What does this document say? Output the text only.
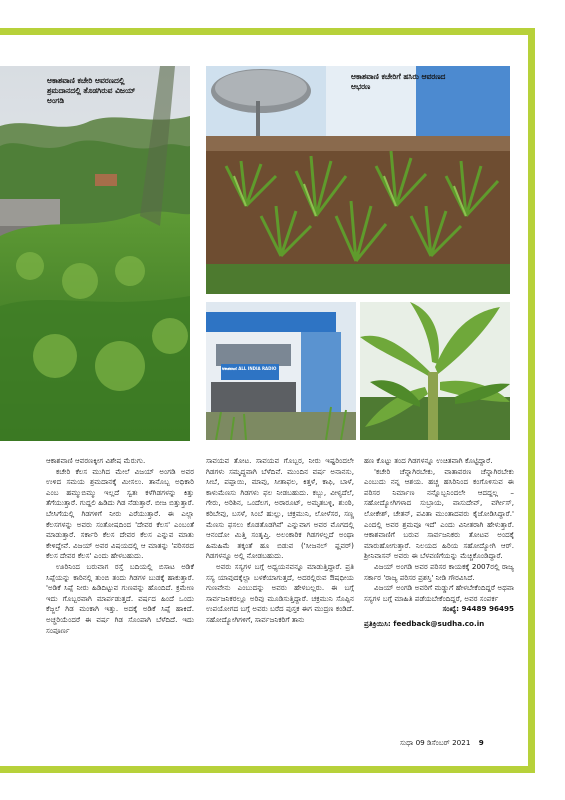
ಆಕಾಶವಾಣಿ ಕಚೇರಿ ಆವರಣದಲ್ಲಿ ಶ್ರಮದಾನದಲ್ಲಿ ತೊಡಗಿರುವ ವಿಜಯ್ ಅಂಗಡಿ
ಆಕಾಶವಾಣಿ ಕಚೇರಿಗೆ ಹಸಿರು ಆವರಣದ ಆಭರಣ
ಆಕಾಶವಾಣಿ ALL INDIA RADIO

ಆಕಾಶವಾಣಿ ಆವರಣಕ್ಕೀಗ ವಿಶೇಷ ಮೆರುಗು.

ಕಚೇರಿ ಕೆಲಸ ಮುಗಿದ ಮೇಲೆ ವಿಜಯ್ ಅಂಗಡಿ ಅವರ ಉಳಿದ ಸಮಯ ಶ್ರಮದಾನಕ್ಕೆ ಮೀಸಲು. ತಾನೊಬ್ಬ ಅಧಿಕಾರಿ ಎಂಬ ಹಮ್ಮುಬಿಮ್ಮು ಇಲ್ಲದೆ ಸ್ವತಃ ಕಳೆಗಿಡಗಳನ್ನು ಕಿತ್ತು ತೆಗೆಯುತ್ತಾರೆ. ಗುದ್ದಲಿ ಹಿಡಿದು ಗಿಡ ನೆಡುತ್ತಾರೆ. ಬೀಜ ಬಿತ್ತುತ್ತಾರೆ. ಬೇಸಿಗೆಯಲ್ಲಿ ಗಿಡಗಳಿಗೆ ನೀರು ಎರೆಯುತ್ತಾರೆ. ಈ ಎಲ್ಲಾ ಕೆಲಸಗಳನ್ನು ಅವರು ಸಂತೋಷದಿಂದ 'ದೇವರ ಕೆಲಸ' ಎಂಬಂತೆ ಮಾಡುತ್ತಾರೆ. ಸರ್ಕಾರಿ ಕೆಲಸ ದೇವರ ಕೆಲಸ ಎನ್ನುವ ಮಾತು ಕೇಳಿದ್ದೇವೆ. ವಿಜಯ್ ಅವರ ವಿಷಯದಲ್ಲಿ ಆ ಮಾತನ್ನು 'ಪರಿಸರದ ಕೆಲಸ ದೇವರ ಕೆಲಸ' ಎಂದು ಹೇಳಬಹುದು.

ಊರಿನಿಂದ ಬರುವಾಗ ರಸ್ತೆ ಬದಿಯಲ್ಲಿ ಬಿಸಾಟ ಅಡಿಕೆ ಸಿಪ್ಪೆಯನ್ನು ಕಾರಿನಲ್ಲಿ ತುಂಬಿ ತಂದು ಗಿಡಗಳ ಬುಡಕ್ಕೆ ಹಾಕುತ್ತಾರೆ. 'ಅಡಿಕೆ ಸಿಪ್ಪೆ ನೀರು ಹಿಡಿದಿಟ್ಟುವ ಗುಣವನ್ನು ಹೊಂದಿದೆ. ಕ್ರಮೇಣ ಇದು ಗೊಬ್ಬರವಾಗಿ ಮಾರ್ಪಡುತ್ತದೆ. ವರ್ಷದ ಹಿಂದೆ ಒಂದು ಕೆಜ್ಜಲೆ ಗಿಡ ಮಂಕಾಗಿ ಇತ್ತು. ಅದಕ್ಕೆ ಅಡಿಕೆ ಸಿಪ್ಪೆ ಹಾಕಿದೆ. ಅಚ್ಚರಿಯೆಂದರೆ ಈ ವರ್ಷ ಗಿಡ ಸೊಂಪಾಗಿ ಬೆಳೆದಿದೆ. ಇದು ಸಂಪೂರ್ಣ

ಸಾವಯವ ತೋಟ. ಸಾವಯವ ಗೊಬ್ಬರ, ನೀರು ಇಷ್ಟರಿಂದಲೇ ಗಿಡಗಳು ಸಮೃದ್ಧವಾಗಿ ಬೆಳೆದಿವೆ. ಮುಂದಿನ ವರ್ಷ ಅನಾನಸು, ಸೀಬೆ, ಪಪ್ಪಾಯಿ, ಮಾವು, ಸೀತಾಫಲ, ಕಿತ್ತಳೆ, ಕಾಫಿ, ಬಾಳೆ, ಕಾಳುಮೆಣಸು ಗಿಡಗಳು ಫಲ ನೀಡಬಹುದು. ಕಬ್ಬು, ವೀಳ್ಯದೆಲೆ, ಗೇರು, ಅರಿಶಿನ, ಒಂದೆಲಗ, ಅರಾರೂಟ್, ಅಮೃತಬಳ್ಳಿ, ಶುಂಠಿ, ಕರಿಬೇವು, ಬಸಳೆ, ಸಿಂಬೆ ಹುಲ್ಲು, ಚಕ್ರಮುನಿ, ಲೋಳೆಸರ, ಸಣ್ಣ ಮೆಣಸು ಫಸಲು ಕೊಡತೊಡಗಿವೆ' ಎನ್ನುವಾಗ ಅವರ ಮೊಗದಲ್ಲಿ ಆನಂದೋ ಮಿತ್ತಿ ಸಂತೃಪ್ತಿ. ಅಲಂಕಾರಿಕ ಗಿಡಗಳಲ್ಲದೆ ಅಂಥಾ ಹಿಮಹಿಮೆ ತಕ್ಕಂತೆ ಹೂ ಬಿಡುವ ('ಸೀಜನಲ್ ಫ್ಲವರ್) ಗಿಡಗಳನ್ನೂ ಅಲ್ಲಿ ನೋಡಬಹುದು.

ಅವರು ಸಸ್ಯಗಳ ಬಗ್ಗೆ ಅಧ್ಯಯನವನ್ನೂ ಮಾಡುತ್ತಿದ್ದಾರೆ. ಪ್ರತಿ ಸಸ್ಯ ಯಾವುದಕ್ಕೆಲ್ಲಾ ಬಳಕೆಯಾಗುತ್ತದೆ, ಅದರಲ್ಲಿರುವ ಔಷಧೀಯ ಗುಣವೇನು ಎಂಬುದನ್ನು ಅವರು ಹೇಳಬಲ್ಲರು. ಈ ಬಗ್ಗೆ ಸಾರ್ವಜನಿಕರಲ್ಲೂ ಅರಿವು ಮೂಡಿಸುತ್ತಿದ್ದಾರೆ. ಚಕ್ರಮುನಿ ಸೊಪ್ಪಿನ ಉಪಯೋಗದ ಬಗ್ಗೆ ಅವರು ಬರೆದ ಪುಸ್ತಕ ಈಗ ಮುದ್ರಣ ಕಂಡಿದೆ. ಸಹೋದ್ಯೋಗಿಗಳಿಗೆ, ಸಾರ್ವಜನಿಕರಿಗೆ ತಾನು

ಹಣ ಕೊಟ್ಟು ತಂದ ಗಿಡಗಳನ್ನೂ ಉಚಿತವಾಗಿ ಕೊಟ್ಟಿದ್ದಾರೆ.

'ಕಚೇರಿ ಚೆನ್ನಾಗಿರಬೇಕು, ವಾತಾವರಣ ಚೆನ್ನಾಗಿರಬೇಕು ಎಂಬುದು ನನ್ನ ಆಶಯ. ಹಚ್ಚ ಹಸಿರಿನಿಂದ ಕಂಗೊಳಿಸುವ ಈ ಪರಿಸರ ನಿರ್ಮಾಣ ನನ್ನೊಬ್ಬನಿಂದಲೇ ಆದದ್ದಲ್ಲ – ಸಹೋದ್ಯೋಗಿಗಳಾದ ಸುಬ್ರಾಯ, ವಾಸುದೇವ್, ವರ್ಗೀಸ್, ಲೋಕೇಶ್, ಚೇತನ್, ಪವಿತಾ ಮುಂತಾದವರು ಕೈಜೋಡಿಸಿದ್ದಾರೆ.' ಎಂದಲ್ಲಿ ಅವರ ಶ್ರಮವೂ ಇದೆ' ಎಂದು ವಿನೀತರಾಗಿ ಹೇಳುತ್ತಾರೆ. ಆಕಾಶವಾಣಿಗೆ ಬರುವ ಸಾರ್ವಜನಿಕರು ತೋಟವ ಅಂದಕ್ಕೆ ಮಾರುಹೋಗುತ್ತಾರೆ. ನಿಲಯದ ಹಿರಿಯ ಸಹೋದ್ಯೋಗಿ ಆರ್. ಶ್ರೀನಿವಾಸನ್ ಅವರು ಈ ಬೆಳವಣಿಗೆಯನ್ನು ಮೆಚ್ಚಿಕೊಂಡಿದ್ದಾರೆ.

ವಿಜಯ್ ಅಂಗಡಿ ಅವರ ಪರಿಸರ ಕಾಯಕಕ್ಕೆ 2007ರಲ್ಲಿ ರಾಜ್ಯ ಸರ್ಕಾರ 'ರಾಜ್ಯ ಪರಿಸರ ಪ್ರಶಸ್ತಿ' ನೀಡಿ ಗೌರವಿಸಿದೆ.

ವಿಜಯ್ ಅಂಗಡಿ ಅವರಿಗೆ ಮಡ್ಡುಗೆ ಹೇಳಬೇಕೆಂದಿದ್ದರೆ ಅಥವಾ ಸಸ್ಯಗಳ ಬಗ್ಗೆ ಮಾಹಿತಿ ಪಡೆಯಬೇಕೆಂದಿದ್ದರೆ, ಅವರ ಸಂಪರ್ಕ

ಸಂಖ್ಯೆ: 94489 96495

ಪ್ರತಿಕ್ರಿಯಿಸಿ: feedback@sudha.co.in

ಸುಧಾ 09 ಡಿಸೆಂಬರ್ 2021 9
